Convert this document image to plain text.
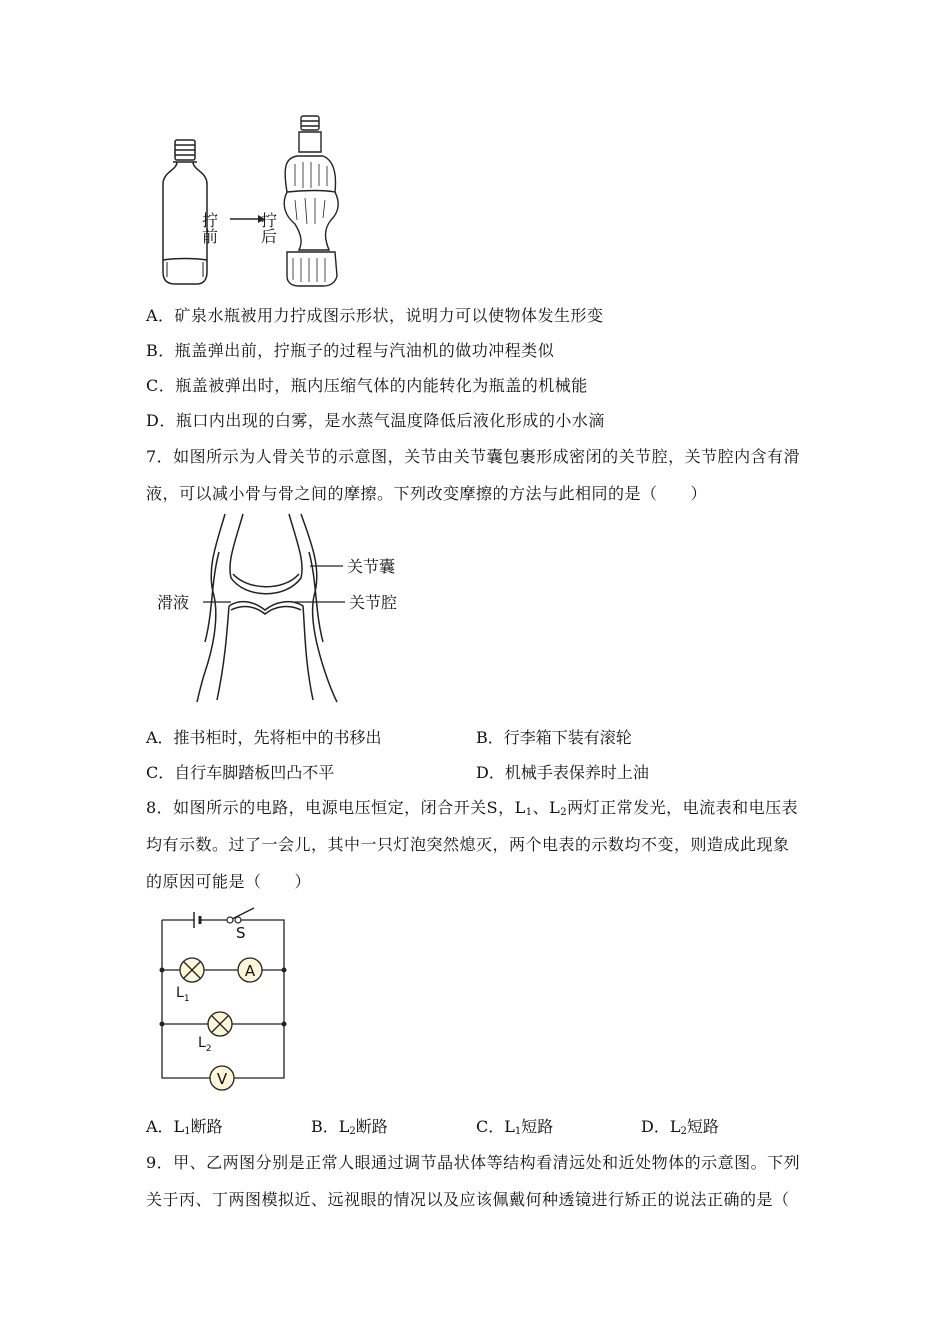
拧前	拧后
A．矿泉水瓶被用力拧成图示形状，说明力可以使物体发生形变
B．瓶盖弹出前，拧瓶子的过程与汽油机的做功冲程类似
C．瓶盖被弹出时，瓶内压缩气体的内能转化为瓶盖的机械能
D．瓶口内出现的白雾，是水蒸气温度降低后液化形成的小水滴
7．如图所示为人骨关节的示意图，关节由关节囊包裹形成密闭的关节腔，关节腔内含有滑
液，可以减小骨与骨之间的摩擦。下列改变摩擦的方法与此相同的是（　　）
关节囊
滑液	关节腔
A．推书柜时，先将柜中的书移出	B．行李箱下装有滚轮
C．自行车脚踏板凹凸不平	D．机械手表保养时上油
8．如图所示的电路，电源电压恒定，闭合开关S，$L_1$、$L_2$两灯正常发光，电流表和电压表
均有示数。过了一会儿，其中一只灯泡突然熄灭，两个电表的示数均不变，则造成此现象
的原因可能是（　　）
A
V
S
$L_1$
$L_2$
A．$L_1$断路	B．$L_2$断路	C．$L_1$短路	D．$L_2$短路
9．甲、乙两图分别是正常人眼通过调节晶状体等结构看清远处和近处物体的示意图。下列
关于丙、丁两图模拟近、远视眼的情况以及应该佩戴何种透镜进行矫正的说法正确的是（
